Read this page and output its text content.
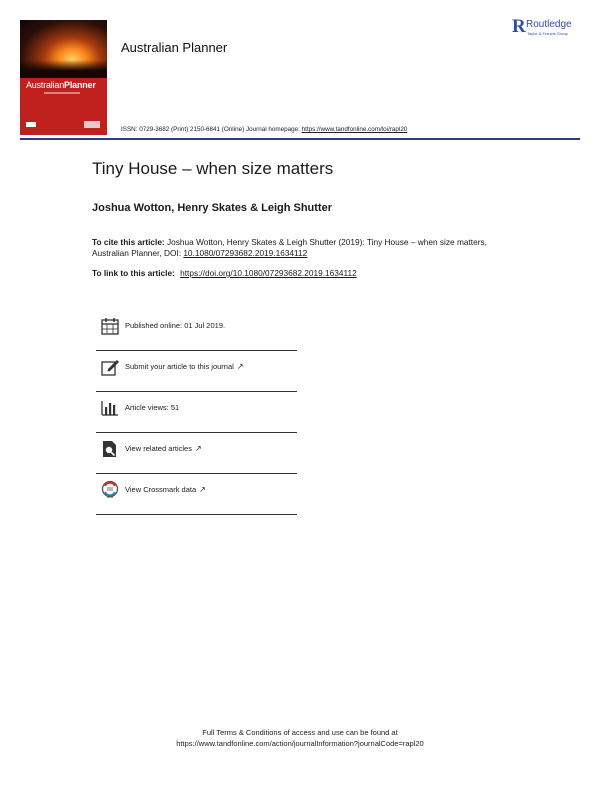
AustralianPlanner
Australian Planner
R Routledge
Taylor & Francis Group
ISSN: 0729-3682 (Print) 2150-6841 (Online) Journal homepage: https://www.tandfonline.com/loi/rapl20
Tiny House – when size matters
Joshua Wotton, Henry Skates & Leigh Shutter
To cite this article: Joshua Wotton, Henry Skates & Leigh Shutter (2019): Tiny House – when size matters, Australian Planner, DOI: 10.1080/07293682.2019.1634112
To link to this article: https://doi.org/10.1080/07293682.2019.1634112
Published online: 01 Jul 2019.
Submit your article to this journal ↗
Article views: 51
View related articles ↗
View Crossmark data ↗
Full Terms & Conditions of access and use can be found at
https://www.tandfonline.com/action/journalInformation?journalCode=rapl20
